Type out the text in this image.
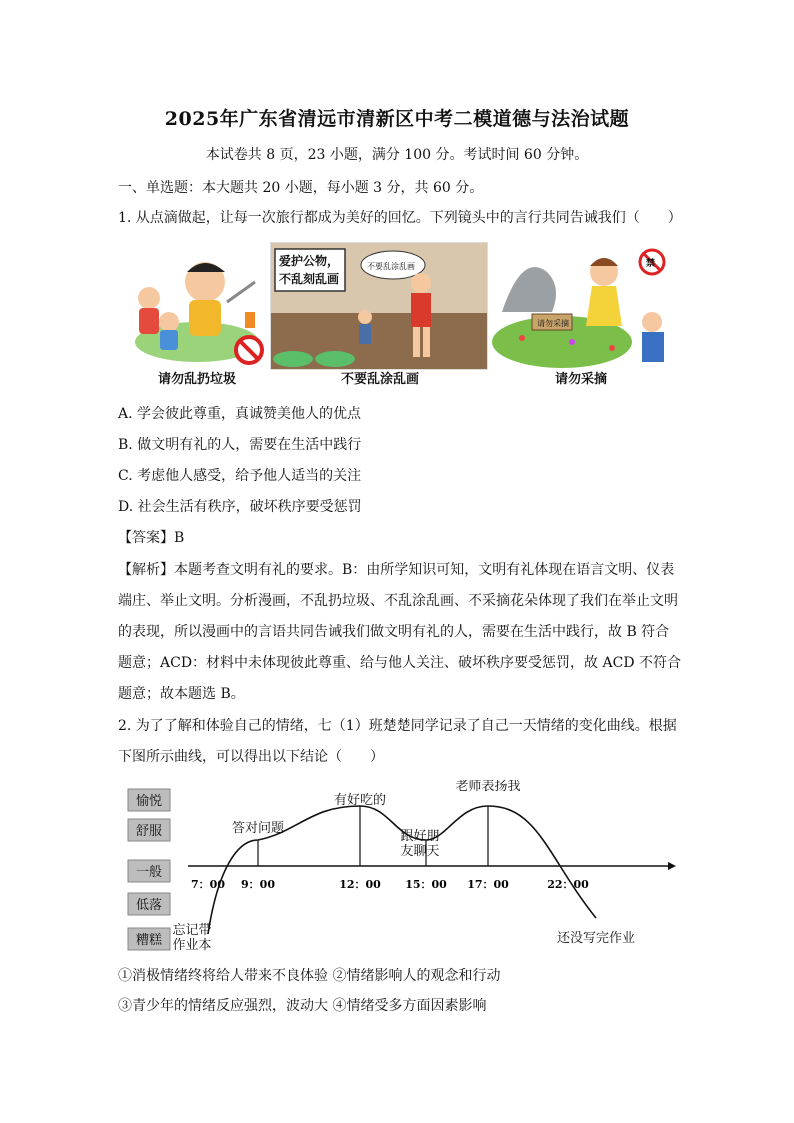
2025年广东省清远市清新区中考二模道德与法治试题
本试卷共 8 页，23 小题，满分 100 分。考试时间 60 分钟。
一、单选题：本大题共 20 小题，每小题 3 分，共 60 分。
1. 从点滴做起，让每一次旅行都成为美好的回忆。下列镜头中的言行共同告诫我们（　　）
请勿乱扔垃圾
爱护公物，
不乱刻乱画
不要乱涂乱画
不要乱涂乱画
请勿采摘
禁
请勿采摘
A. 学会彼此尊重，真诚赞美他人的优点
B. 做文明有礼的人，需要在生活中践行
C. 考虑他人感受，给予他人适当的关注
D. 社会生活有秩序，破坏秩序要受惩罚
【答案】B
【解析】本题考查文明有礼的要求。B：由所学知识可知，文明有礼体现在语言文明、仪表
端庄、举止文明。分析漫画，不乱扔垃圾、不乱涂乱画、不采摘花朵体现了我们在举止文明
的表现，所以漫画中的言语共同告诫我们做文明有礼的人，需要在生活中践行，故 B 符合
题意；ACD：材料中未体现彼此尊重、给与他人关注、破坏秩序要受惩罚，故 ACD 不符合
题意；故本题选 B。
2. 为了了解和体验自己的情绪，七（1）班楚楚同学记录了自己一天情绪的变化曲线。根据
下图所示曲线，可以得出以下结论（　　）
愉悦
舒服
一般
低落
糟糕
7：00 9：00	12：00 15：00 17：00	22：00
忘记带
作业本
答对问题
有好吃的
跟好朋
友聊天
老师表扬我
还没写完作业
①消极情绪终将给人带来不良体验 ②情绪影响人的观念和行动
③青少年的情绪反应强烈，波动大 ④情绪受多方面因素影响
